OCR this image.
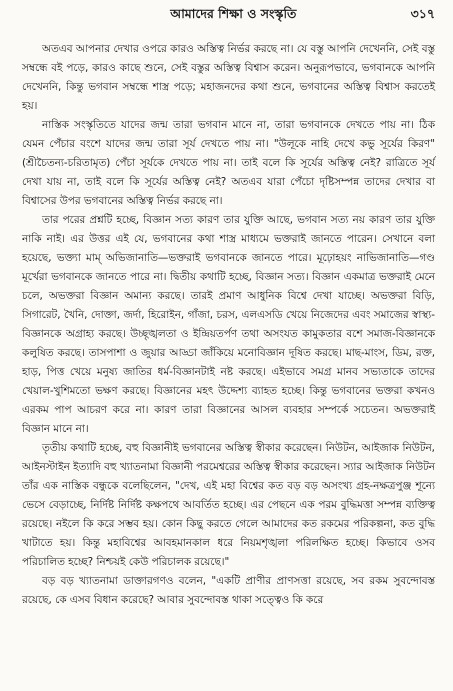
আমাদের শিক্ষা ও সংস্কৃতি	৩১৭

অতএব আপনার দেখার ওপরে কারও অস্তিত্ব নির্ভর করছে না। যে বস্তু আপনি দেখেননি, সেই বস্তু সম্বন্ধে বই পড়ে, কারও কাছে শুনে, সেই বস্তুর অস্তিত্ব বিশ্বাস করেন। অনুরূপভাবে, ভগবানকে আপনি দেখেননি, কিন্তু ভগবান সম্বন্ধে শাস্ত্র পড়ে; মহাজনদের কথা শুনে, ভগবানের অস্তিত্ব বিশ্বাস করতেই হয়।

নাস্তিক সংস্কৃতিতে যাদের জন্ম তারা ভগবান মানে না, তারা ভগবানকে দেখতে পায় না। ঠিক যেমন পেঁচার বংশে যাদের জন্ম তারা সূর্য দেখতে পায় না। "উলূকে নাহি দেখে কভু সূর্যের কিরণ" (শ্রীচৈতন্য-চরিতামৃত) পেঁচা সূর্যকে দেখতে পায় না। তাই বলে কি সূর্যের অস্তিত্ব নেই? রাত্রিতে সূর্য দেখা যায় না, তাই বলে কি সূর্যের অস্তিত্ব নেই? অতএব যারা পেঁচো দৃষ্টিসম্পন্ন তাদের দেখার বা বিশ্বাসের উপর ভগবানের অস্তিত্ব নির্ভর করছে না।

তার পরের প্রশ্নটি হচ্ছে, বিজ্ঞান সত্য কারণ তার যুক্তি আছে, ভগবান সত্য নয় কারণ তার যুক্তি নাকি নাই। এর উত্তর এই যে, ভগবানের কথা শাস্ত্র মাধ্যমে ভক্তরাই জানতে পারেন। সেখানে বলা হয়েছে, ভক্ত্যা মাম্‌ অভিজানাতি—ভক্তরাই ভগবানকে জানতে পারে। মূঢ়োহয়ং নাভিজানাতি—গণ্ড মূর্খেরা ভগবানকে জানতে পারে না। দ্বিতীয় কথাটি হচ্ছে, বিজ্ঞান সত্য। বিজ্ঞান একমাত্র ভক্তরাই মেনে চলে, অভক্তরা বিজ্ঞান অমান্য করছে। তারই প্রমাণ আধুনিক বিশ্বে দেখা যাচ্ছে। অভক্তরা বিড়ি, সিগারেট, খৈনি, দোক্তা, জর্দা, হিরোইন, গাঁজা, চরস, এলএসডি খেয়ে নিজেদের এবং সমাজের স্বাস্থ্য-বিজ্ঞানকে অগ্রাহ্য করছে। উচ্ছৃঙ্খলতা ও ইন্দ্রিয়তর্পণ তথা অসংযত কামুকতার বশে সমাজ-বিজ্ঞানকে কলুষিত করছে। তাসপাশা ও জুয়ার আড্ডা জাঁকিয়ে মনোবিজ্ঞান দূষিত করছে। মাছ-মাংস, ডিম, রক্ত, হাড়, পিত্ত খেয়ে মনুষ্য জাতির ধর্ম-বিজ্ঞানটাই নষ্ট করছে। এইভাবে সমগ্র মানব সভ্যতাকে তাদের খেয়াল-খুশিমতো ভক্ষণ করছে। বিজ্ঞানের মহৎ উদ্দেশ্য ব্যাহত হচ্ছে। কিন্তু ভগবানের ভক্তরা কখনও এরকম পাপ আচরণ করে না। কারণ তারা বিজ্ঞানের আসল ব্যবহার সম্পর্কে সচেতন। অভক্তরাই বিজ্ঞান মানে না।

তৃতীয় কথাটি হচ্ছে, বহু বিজ্ঞানীই ভগবানের অস্তিত্ব স্বীকার করেছেন। নিউটন, আইজাক নিউটন, আইনস্টাইন ইত্যাদি বহু খ্যাতনামা বিজ্ঞানী পরমেশ্বরের অস্তিত্ব স্বীকার করেছেন। স্যার আইজাক নিউটন তাঁর এক নাস্তিক বন্ধুকে বলেছিলেন, "দেখ, এই মহা বিশ্বের কত বড় বড় অসংখ্য গ্রহ-নক্ষত্রপুঞ্জ শূন্যে ভেসে বেড়াচ্ছে, নির্দিষ্ট নির্দিষ্ট কক্ষপথে আবর্তিত হচ্ছে। এর পেছনে এক পরম বুদ্ধিমত্তা সম্পন্ন ব্যক্তিত্ব রয়েছে। নইলে কি করে সম্ভব হয়। কোন কিছু করতে গেলে আমাদের কত রকমের পরিকল্পনা, কত বুদ্ধি খাটাতে হয়। কিন্তু মহাবিশ্বের আবহমানকাল ধরে নিয়মশৃঙ্খলা পরিলক্ষিত হচ্ছে। কিভাবে ওসব পরিচালিত হচ্ছে? নিশ্চয়ই কেউ পরিচালক রয়েছে।"

বড় বড় খ্যাতনামা ডাক্তারগণও বলেন, "একটি প্রাণীর প্রাণসত্তা রয়েছে, সব রকম সুবন্দোবস্ত রয়েছে, কে এসব বিধান করেছে? আবার সুবন্দোবস্ত থাকা সত্ত্বেও কি করে
